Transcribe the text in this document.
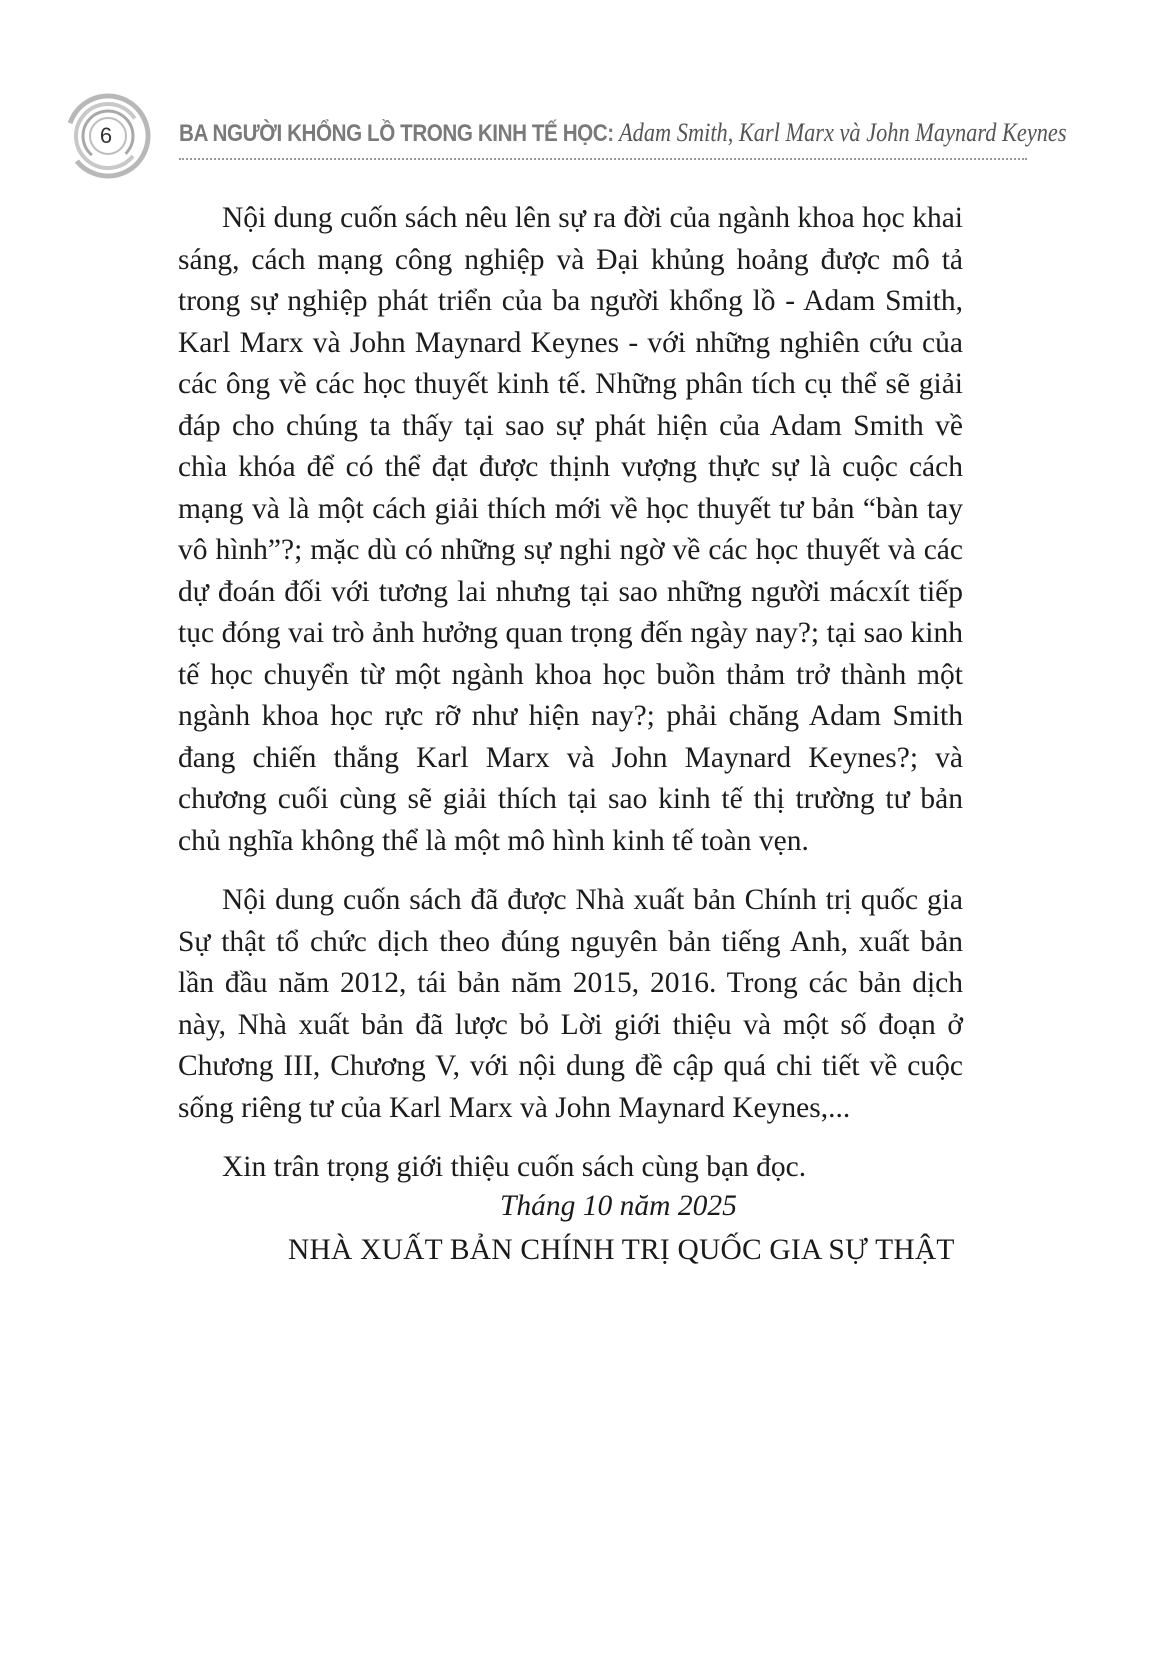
6	BA NGƯỜI KHỔNG LỒ TRONG KINH TẾ HỌC: Adam Smith, Karl Marx và John Maynard Keynes

Nội dung cuốn sách nêu lên sự ra đời của ngành khoa học khai sáng, cách mạng công nghiệp và Đại khủng hoảng được mô tả trong sự nghiệp phát triển của ba người khổng lồ - Adam Smith, Karl Marx và John Maynard Keynes - với những nghiên cứu của các ông về các học thuyết kinh tế. Những phân tích cụ thể sẽ giải đáp cho chúng ta thấy tại sao sự phát hiện của Adam Smith về chìa khóa để có thể đạt được thịnh vượng thực sự là cuộc cách mạng và là một cách giải thích mới về học thuyết tư bản “bàn tay vô hình”?; mặc dù có những sự nghi ngờ về các học thuyết và các dự đoán đối với tương lai nhưng tại sao những người mácxít tiếp tục đóng vai trò ảnh hưởng quan trọng đến ngày nay?; tại sao kinh tế học chuyển từ một ngành khoa học buồn thảm trở thành một ngành khoa học rực rỡ như hiện nay?; phải chăng Adam Smith đang chiến thắng Karl Marx và John Maynard Keynes?; và chương cuối cùng sẽ giải thích tại sao kinh tế thị trường tư bản chủ nghĩa không thể là một mô hình kinh tế toàn vẹn.

Nội dung cuốn sách đã được Nhà xuất bản Chính trị quốc gia Sự thật tổ chức dịch theo đúng nguyên bản tiếng Anh, xuất bản lần đầu năm 2012, tái bản năm 2015, 2016. Trong các bản dịch này, Nhà xuất bản đã lược bỏ Lời giới thiệu và một số đoạn ở Chương III, Chương V, với nội dung đề cập quá chi tiết về cuộc sống riêng tư của Karl Marx và John Maynard Keynes,...

Xin trân trọng giới thiệu cuốn sách cùng bạn đọc.

Tháng 10 năm 2025
NHÀ XUẤT BẢN CHÍNH TRỊ QUỐC GIA SỰ THẬT
